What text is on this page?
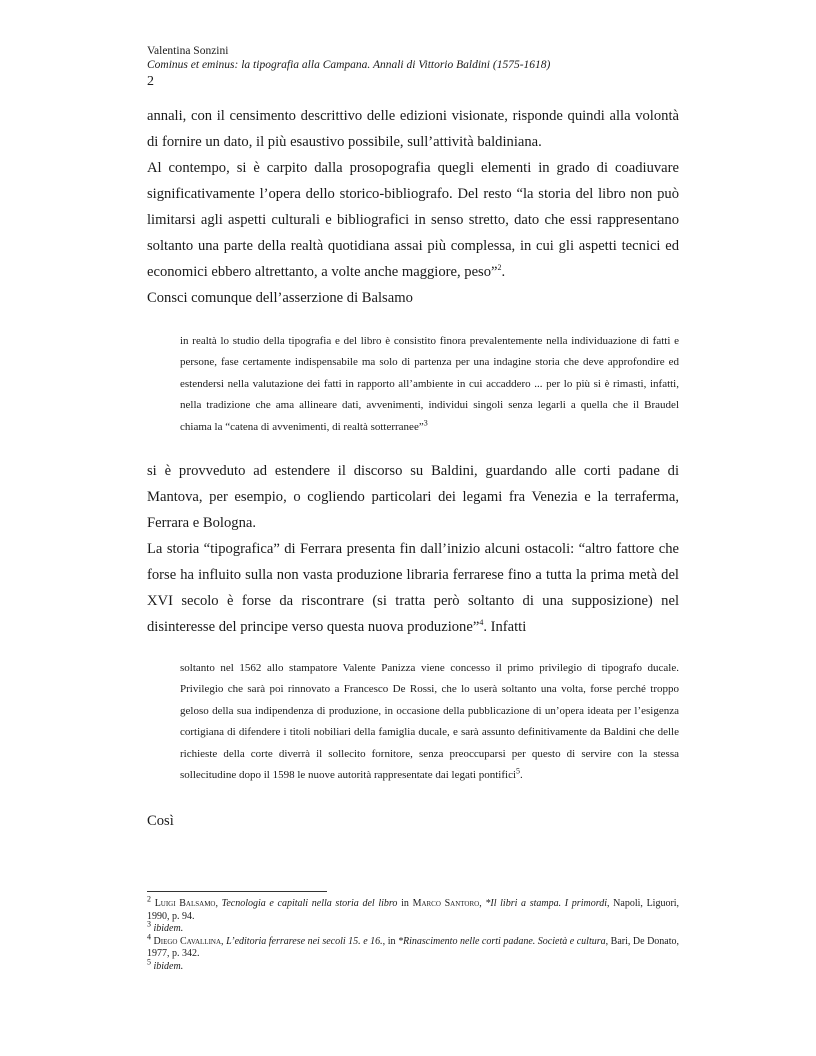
Valentina Sonzini
Cominus et eminus: la tipografia alla Campana. Annali di Vittorio Baldini (1575-1618)
2

annali, con il censimento descrittivo delle edizioni visionate, risponde quindi alla volontà di fornire un dato, il più esaustivo possibile, sull’attività baldiniana.

Al contempo, si è carpito dalla prosopografia quegli elementi in grado di coadiuvare significativamente l’opera dello storico-bibliografo. Del resto “la storia del libro non può limitarsi agli aspetti culturali e bibliografici in senso stretto, dato che essi rappresentano soltanto una parte della realtà quotidiana assai più complessa, in cui gli aspetti tecnici ed economici ebbero altrettanto, a volte anche maggiore, peso”$^2$.

Consci comunque dell’asserzione di Balsamo

in realtà lo studio della tipografia e del libro è consistito finora prevalentemente nella individuazione di fatti e persone, fase certamente indispensabile ma solo di partenza per una indagine storia che deve approfondire ed estendersi nella valutazione dei fatti in rapporto all’ambiente in cui accaddero ... per lo più si è rimasti, infatti, nella tradizione che ama allineare dati, avvenimenti, individui singoli senza legarli a quella che il Braudel chiama la “catena di avvenimenti, di realtà sotterranee”$^3$

si è provveduto ad estendere il discorso su Baldini, guardando alle corti padane di Mantova, per esempio, o cogliendo particolari dei legami fra Venezia e la terraferma, Ferrara e Bologna.

La storia “tipografica” di Ferrara presenta fin dall’inizio alcuni ostacoli: “altro fattore che forse ha influito sulla non vasta produzione libraria ferrarese fino a tutta la prima metà del XVI secolo è forse da riscontrare (si tratta però soltanto di una supposizione) nel disinteresse del principe verso questa nuova produzione”$^4$. Infatti

soltanto nel 1562 allo stampatore Valente Panizza viene concesso il primo privilegio di tipografo ducale. Privilegio che sarà poi rinnovato a Francesco De Rossi, che lo userà soltanto una volta, forse perché troppo geloso della sua indipendenza di produzione, in occasione della pubblicazione di un’opera ideata per l’esigenza cortigiana di difendere i titoli nobiliari della famiglia ducale, e sarà assunto definitivamente da Baldini che delle richieste della corte diverrà il sollecito fornitore, senza preoccuparsi per questo di servire con la stessa sollecitudine dopo il 1598 le nuove autorità rappresentate dai legati pontifici$^5$.

Così

$^2$ Luigi Balsamo, Tecnologia e capitali nella storia del libro in Marco Santoro, *Il libri a stampa. I primordi, Napoli, Liguori, 1990, p. 94.

$^3$ ibidem.

$^4$ Diego Cavallina, L’editoria ferrarese nei secoli 15. e 16., in *Rinascimento nelle corti padane. Società e cultura, Bari, De Donato, 1977, p. 342.

$^5$ ibidem.
